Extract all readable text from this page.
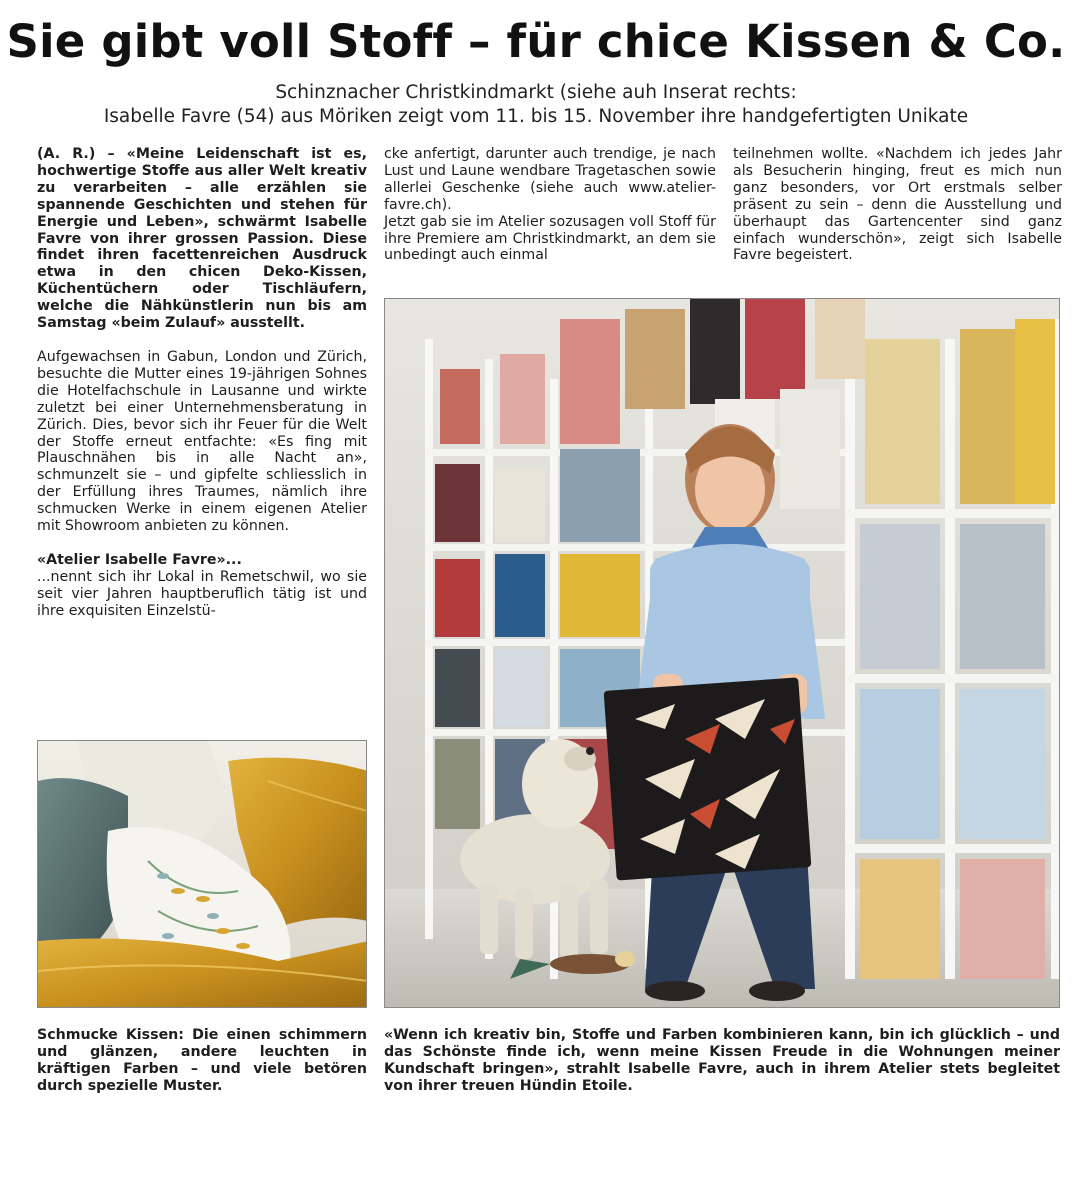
Sie gibt voll Stoff – für chice Kissen & Co.
Schinznacher Christkindmarkt (siehe auh Inserat rechts:
Isabelle Favre (54) aus Möriken zeigt vom 11. bis 15. November ihre handgefertigten Unikate

(A. R.) – «Meine Leidenschaft ist es, hochwertige Stoffe aus aller Welt kreativ zu verarbeiten – alle erzählen sie spannende Geschichten und stehen für Energie und Leben», schwärmt Isabelle Favre von ihrer grossen Passion. Diese findet ihren facettenreichen Ausdruck etwa in den chicen Deko-Kissen, Küchentüchern oder Tischläufern, welche die Nähkünstlerin nun bis am Samstag «beim Zulauf» ausstellt.

Aufgewachsen in Gabun, London und Zürich, besuchte die Mutter eines 19-jährigen Sohnes die Hotelfachschule in Lausanne und wirkte zuletzt bei einer Unternehmensberatung in Zürich. Dies, bevor sich ihr Feuer für die Welt der Stoffe erneut entfachte: «Es fing mit Plauschnähen bis in alle Nacht an», schmunzelt sie – und gipfelte schliesslich in der Erfüllung ihres Traumes, nämlich ihre schmucken Werke in einem eigenen Atelier mit Showroom anbieten zu können.

«Atelier Isabelle Favre»...

...nennt sich ihr Lokal in Remetschwil, wo sie seit vier Jahren hauptberuflich tätig ist und ihre exquisiten Einzelstü-

cke anfertigt, darunter auch trendige, je nach Lust und Laune wendbare Tragetaschen sowie allerlei Geschenke (siehe auch www.atelier-favre.ch).

Jetzt gab sie im Atelier sozusagen voll Stoff für ihre Premiere am Christkindmarkt, an dem sie unbedingt auch einmal

teilnehmen wollte. «Nachdem ich jedes Jahr als Besucherin hinging, freut es mich nun ganz besonders, vor Ort erstmals selber präsent zu sein – denn die Ausstellung und überhaupt das Gartencenter sind ganz einfach wunderschön», zeigt sich Isabelle Favre begeistert.

Schmucke Kissen: Die einen schimmern und glänzen, andere leuchten in kräftigen Farben – und viele betören durch spezielle Muster.
«Wenn ich kreativ bin, Stoffe und Farben kombinieren kann, bin ich glücklich – und das Schönste finde ich, wenn meine Kissen Freude in die Wohnungen meiner Kundschaft bringen», strahlt Isabelle Favre, auch in ihrem Atelier stets begleitet von ihrer treuen Hündin Etoile.
